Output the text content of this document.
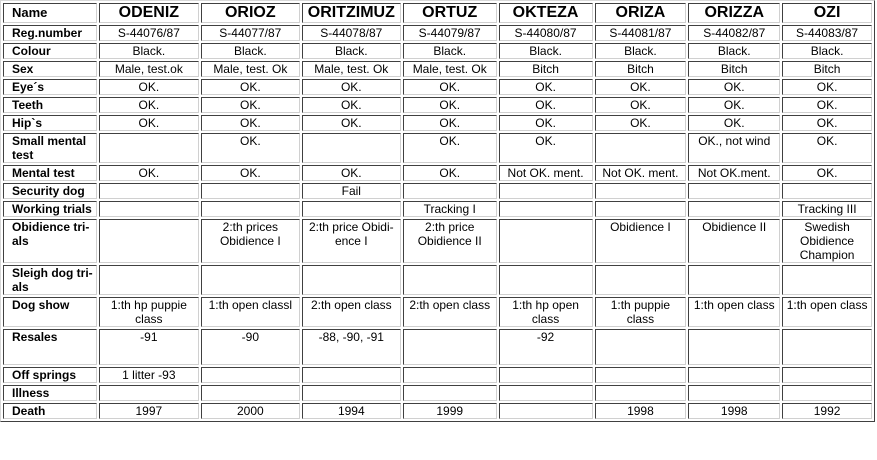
Name	ODENIZ	ORIOZ	ORITZIMUZ	ORTUZ	OKTEZA	ORIZA	ORIZZA	OZI
Reg.number	S-44076/87	S-44077/87	S-44078/87	S-44079/87	S-44080/87	S-44081/87	S-44082/87	S-44083/87
Colour	Black.	Black.	Black.	Black.	Black.	Black.	Black.	Black.
Sex	Male, test.ok	Male, test. Ok	Male, test. Ok	Male, test. Ok	Bitch	Bitch	Bitch	Bitch
Eye´s	OK.	OK.	OK.	OK.	OK.	OK.	OK.	OK.
Teeth	OK.	OK.	OK.	OK.	OK.	OK.	OK.	OK.
Hip`s	OK.	OK.	OK.	OK.	OK.	OK.	OK.	OK.
Small mental test		OK.		OK.	OK.		OK., not wind	OK.
Mental test	OK.	OK.	OK.	OK.	Not OK. ment.	Not OK. ment.	Not OK.ment.	OK.
Security dog			Fail					
Working trials				Tracking I				Tracking III
Obidience tri-als		2:th prices Obidience I	2:th price Obidi-ence I	2:th price Obidience II		Obidience I	Obidience II	Swedish Obidience Champion
Sleigh dog tri-als								
Dog show	1:th hp puppie class	1:th open classl	2:th open class	2:th open class	1:th hp open class	1:th puppie class	1:th open class	1:th open class
Resales	-91	-90	-88, -90, -91		-92			
Off springs	1 litter -93							
Illness								
Death	1997	2000	1994	1999		1998	1998	1992
